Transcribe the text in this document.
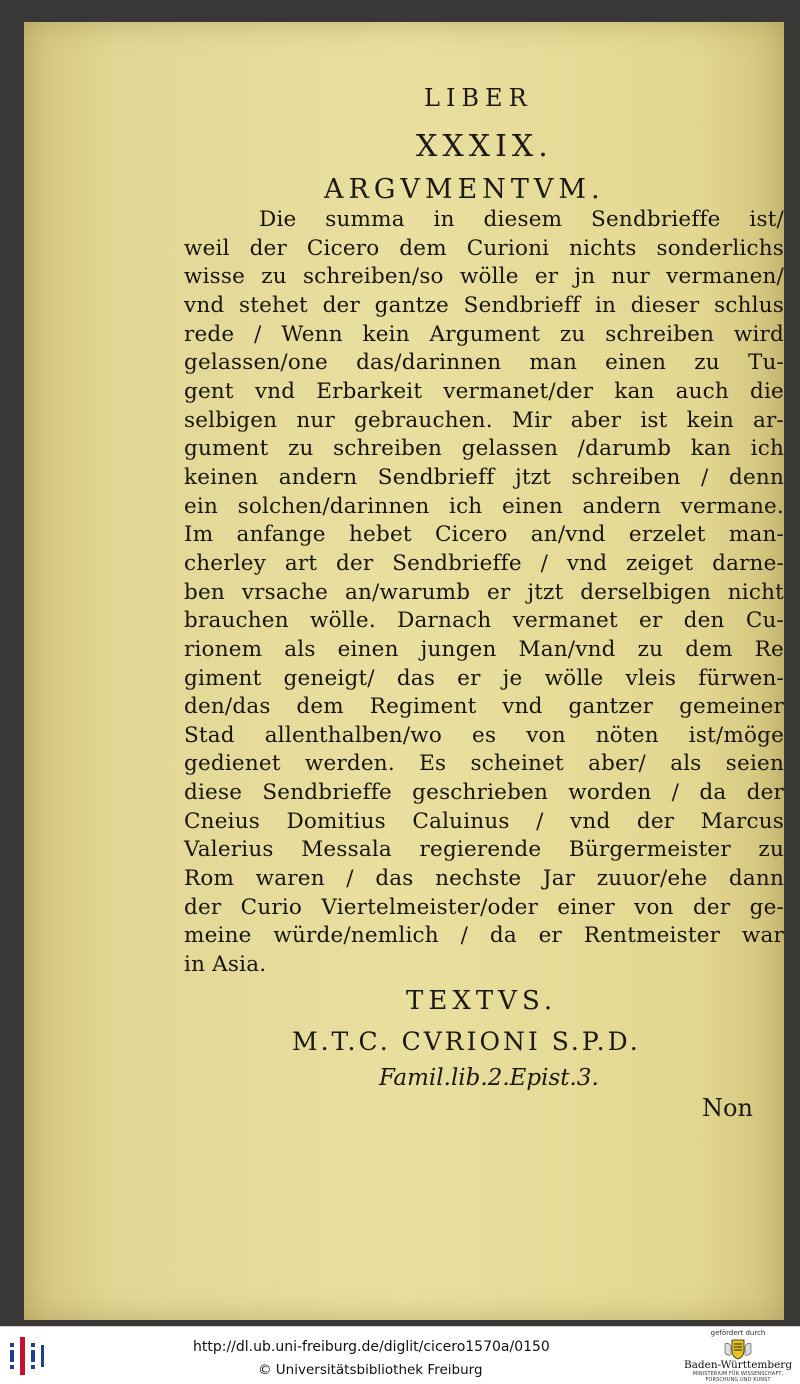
LIBER
XXXIX.
ARGVMENTVM.
Die summa in diesem Sendbrieffe ist/
weil der Cicero dem Curioni nichts sonderlichs
wisse zu schreiben/so wölle er jn nur vermanen/
vnd stehet der gantze Sendbrieff in dieser schlus
rede / Wenn kein Argument zu schreiben wird
gelassen/one das/darinnen man einen zu Tu-
gent vnd Erbarkeit vermanet/der kan auch die
selbigen nur gebrauchen. Mir aber ist kein ar-
gument zu schreiben gelassen /darumb kan ich
keinen andern Sendbrieff jtzt schreiben / denn
ein solchen/darinnen ich einen andern vermane.
Im anfange hebet Cicero an/vnd erzelet man-
cherley art der Sendbrieffe / vnd zeiget darne-
ben vrsache an/warumb er jtzt derselbigen nicht
brauchen wölle. Darnach vermanet er den Cu-
rionem als einen jungen Man/vnd zu dem Re
giment geneigt/ das er je wölle vleis fürwen-
den/das dem Regiment vnd gantzer gemeiner
Stad allenthalben/wo es von nöten ist/möge
gedienet werden. Es scheinet aber/ als seien
diese Sendbrieffe geschrieben worden / da der
Cneius Domitius Caluinus / vnd der Marcus
Valerius Messala regierende Bürgermeister zu
Rom waren / das nechste Jar zuuor/ehe dann
der Curio Viertelmeister/oder einer von der ge-
meine würde/nemlich / da er Rentmeister war
in Asia.
TEXTVS.
M.T.C. CVRIONI S.P.D.
Famil.lib.2.Epist.3.
Non
http://dl.ub.uni-freiburg.de/diglit/cicero1570a/0150
© Universitätsbibliothek Freiburg
gefördert durch
Baden-Württemberg
MINISTERIUM FÜR WISSENSCHAFT, FORSCHUNG UND KUNST
